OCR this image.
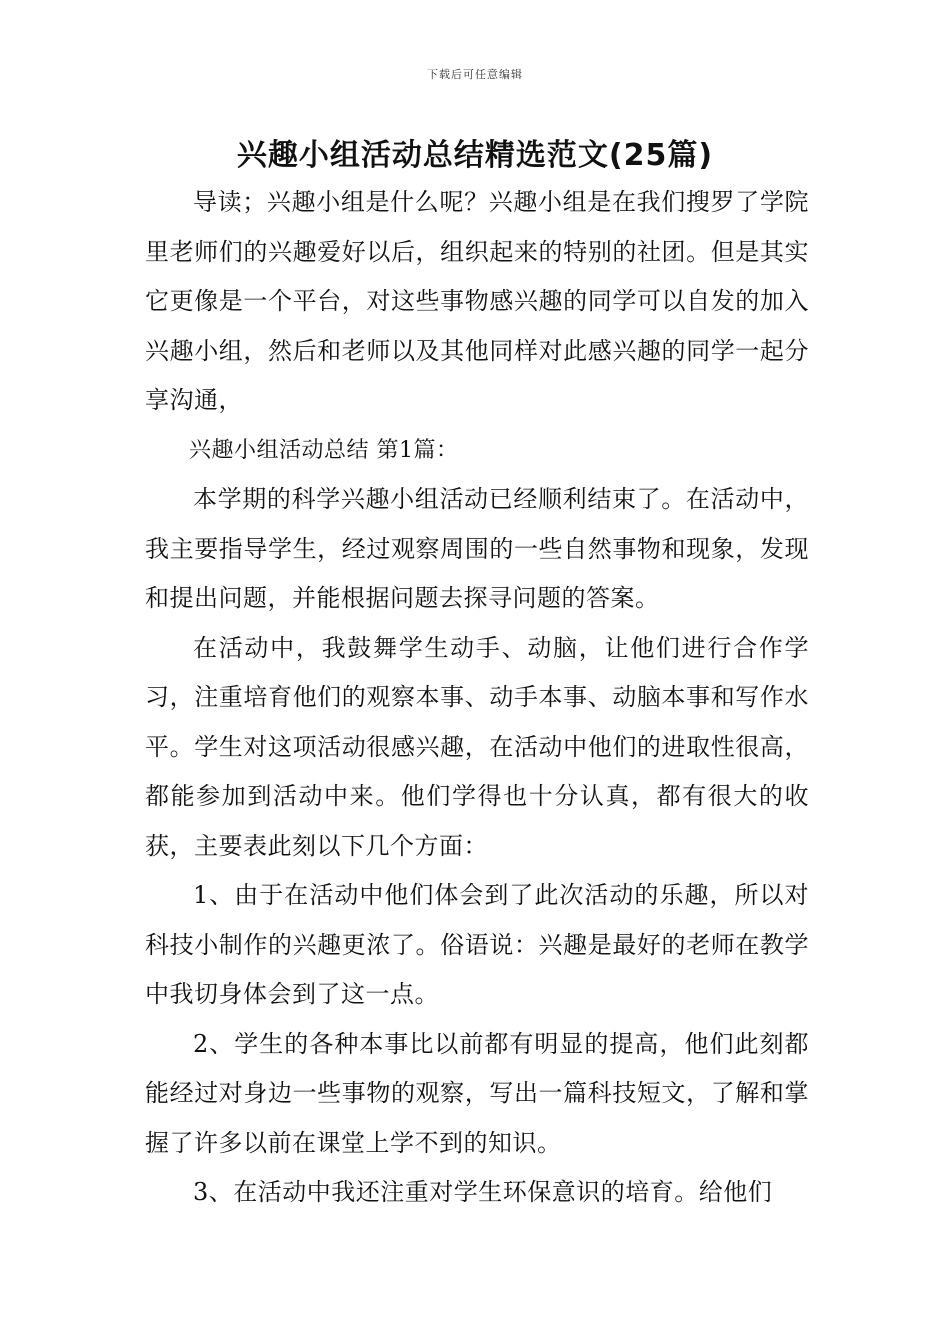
下载后可任意编辑
兴趣小组活动总结精选范文(25篇)

导读；兴趣小组是什么呢？兴趣小组是在我们搜罗了学院里老师们的兴趣爱好以后，组织起来的特别的社团。但是其实它更像是一个平台，对这些事物感兴趣的同学可以自发的加入兴趣小组，然后和老师以及其他同样对此感兴趣的同学一起分享沟通，

兴趣小组活动总结 第1篇：

本学期的科学兴趣小组活动已经顺利结束了。在活动中，我主要指导学生，经过观察周围的一些自然事物和现象，发现和提出问题，并能根据问题去探寻问题的答案。

在活动中，我鼓舞学生动手、动脑，让他们进行合作学习，注重培育他们的观察本事、动手本事、动脑本事和写作水平。学生对这项活动很感兴趣，在活动中他们的进取性很高，都能参加到活动中来。他们学得也十分认真，都有很大的收获，主要表此刻以下几个方面：

1、由于在活动中他们体会到了此次活动的乐趣，所以对科技小制作的兴趣更浓了。俗语说：兴趣是最好的老师在教学中我切身体会到了这一点。

2、学生的各种本事比以前都有明显的提高，他们此刻都能经过对身边一些事物的观察，写出一篇科技短文，了解和掌握了许多以前在课堂上学不到的知识。

3、在活动中我还注重对学生环保意识的培育。给他们
